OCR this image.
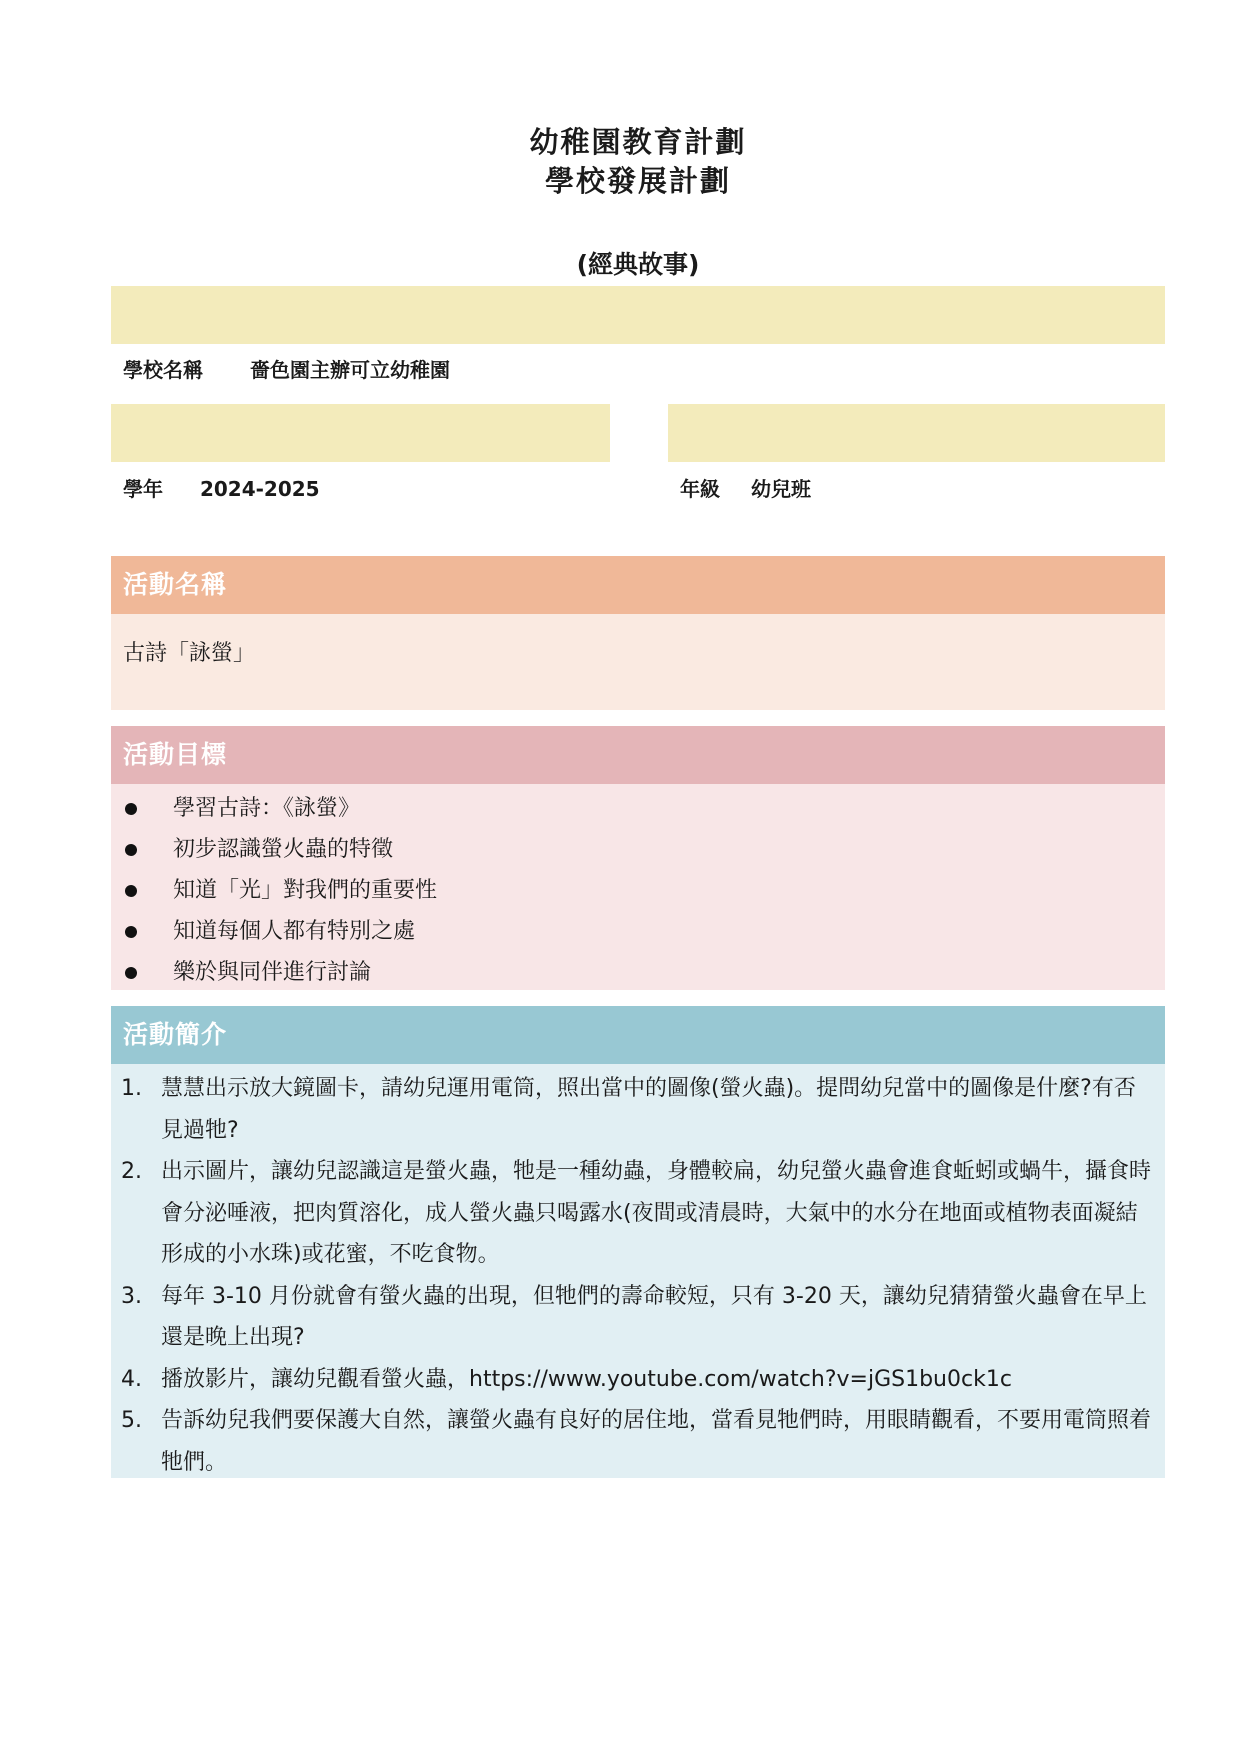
幼稚園教育計劃
學校發展計劃
(經典故事)
學校名稱 嗇色園主辦可立幼稚園
學年 2024-2025	年級 幼兒班
活動名稱
古詩「詠螢」
活動目標
學習古詩：《詠螢》
初步認識螢火蟲的特徵
知道「光」對我們的重要性
知道每個人都有特別之處
樂於與同伴進行討論
活動簡介
1. 慧慧出示放大鏡圖卡，請幼兒運用電筒，照出當中的圖像(螢火蟲)。提問幼兒當中的圖像是什麼?有否見過牠?
2. 出示圖片，讓幼兒認識這是螢火蟲，牠是一種幼蟲，身體較扁，幼兒螢火蟲會進食蚯蚓或蝸牛，攝食時會分泌唾液，把肉質溶化，成人螢火蟲只喝露水(夜間或清晨時，大氣中的水分在地面或植物表面凝結形成的小水珠)或花蜜，不吃食物。
3. 每年 3-10 月份就會有螢火蟲的出現，但牠們的壽命較短，只有 3-20 天，讓幼兒猜猜螢火蟲會在早上還是晚上出現?
4. 播放影片，讓幼兒觀看螢火蟲，https://www.youtube.com/watch?v=jGS1bu0ck1c
5. 告訴幼兒我們要保護大自然，讓螢火蟲有良好的居住地，當看見牠們時，用眼睛觀看，不要用電筒照着牠們。
